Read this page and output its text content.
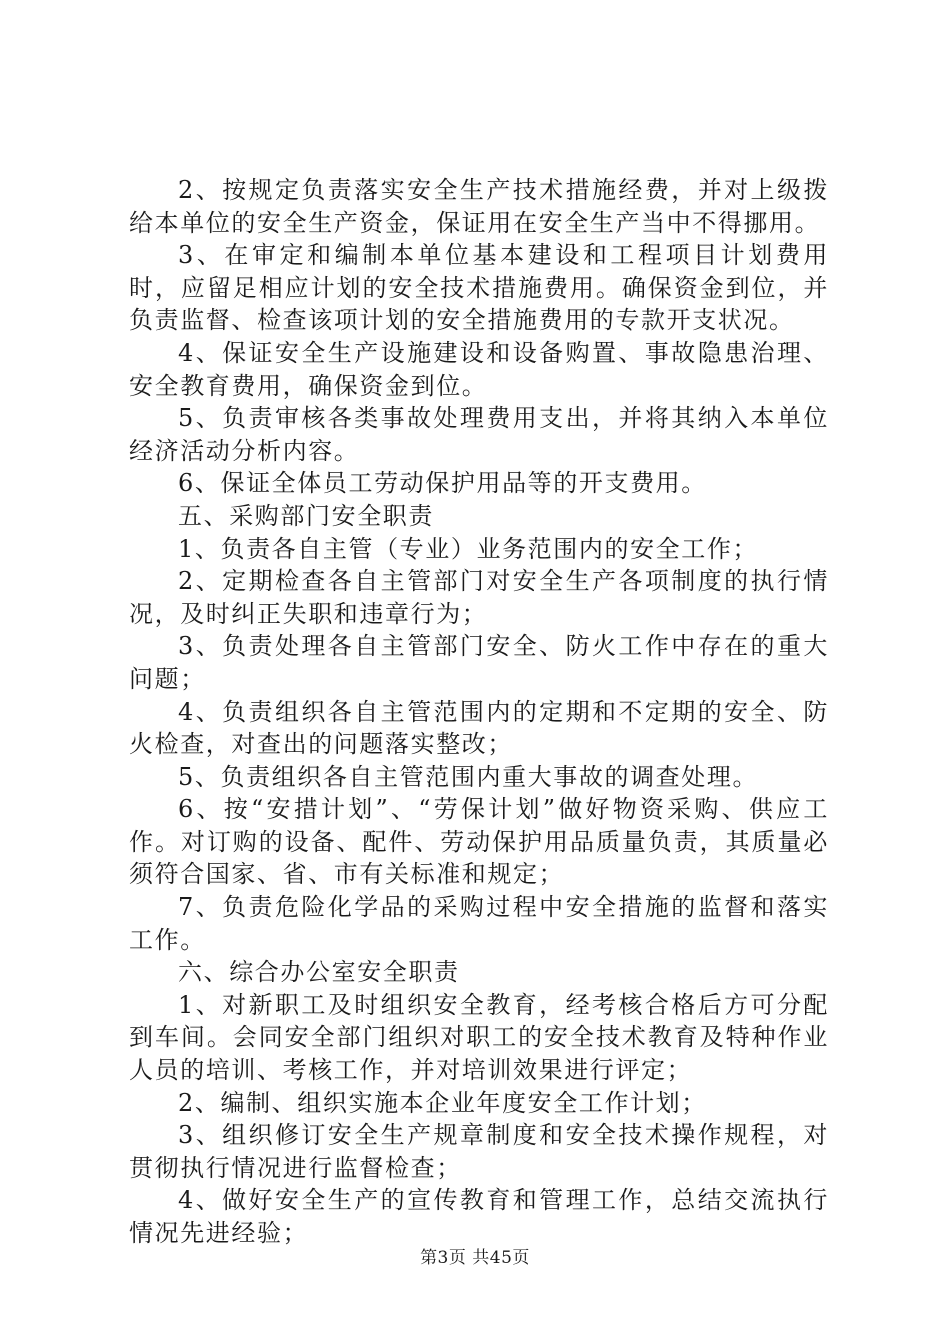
2、按规定负责落实安全生产技术措施经费，并对上级拨给本单位的安全生产资金，保证用在安全生产当中不得挪用。

3、在审定和编制本单位基本建设和工程项目计划费用时，应留足相应计划的安全技术措施费用。确保资金到位，并负责监督、检查该项计划的安全措施费用的专款开支状况。

4、保证安全生产设施建设和设备购置、事故隐患治理、安全教育费用，确保资金到位。

5、负责审核各类事故处理费用支出，并将其纳入本单位经济活动分析内容。

6、保证全体员工劳动保护用品等的开支费用。

五、采购部门安全职责

1、负责各自主管（专业）业务范围内的安全工作；

2、定期检查各自主管部门对安全生产各项制度的执行情况，及时纠正失职和违章行为；

3、负责处理各自主管部门安全、防火工作中存在的重大问题；

4、负责组织各自主管范围内的定期和不定期的安全、防火检查，对查出的问题落实整改；

5、负责组织各自主管范围内重大事故的调查处理。

6、按“安措计划”、“劳保计划”做好物资采购、供应工作。对订购的设备、配件、劳动保护用品质量负责，其质量必须符合国家、省、市有关标准和规定；

7、负责危险化学品的采购过程中安全措施的监督和落实工作。

六、综合办公室安全职责

1、对新职工及时组织安全教育，经考核合格后方可分配到车间。会同安全部门组织对职工的安全技术教育及特种作业人员的培训、考核工作，并对培训效果进行评定；

2、编制、组织实施本企业年度安全工作计划；

3、组织修订安全生产规章制度和安全技术操作规程，对贯彻执行情况进行监督检查；

4、做好安全生产的宣传教育和管理工作，总结交流执行情况先进经验；

第3页 共45页
